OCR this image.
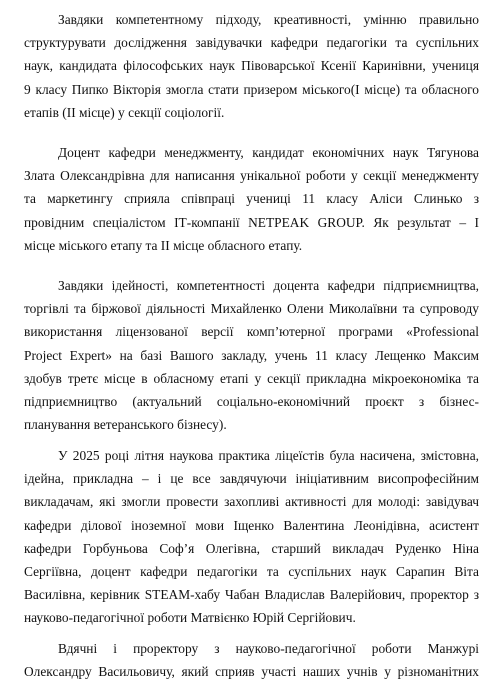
Завдяки компетентному підходу, креативності, умінню правильно
структурувати дослідження завідувачки кафедри педагогіки та суспільних
наук, кандидата філософських наук Півоварської Ксенії Каринівни, учениця
9 класу Пипко Вікторія змогла стати призером міського(І місце) та обласного
етапів (ІІ місце) у секції соціології.
Доцент кафедри менеджменту, кандидат економічних наук Тягунова
Злата Олександрівна для написання унікальної роботи у секції менеджменту
та маркетингу сприяла співпраці учениці 11 класу Аліси Слинько з
провідним спеціалістом ІТ-компанії NETPEAK GROUP. Як результат – І
місце міського етапу та ІІ місце обласного етапу.
Завдяки ідейності, компетентності доцента кафедри підприємництва,
торгівлі та біржової діяльності Михайленко Олени Миколаївни та супроводу
використання ліцензованої версії комп’ютерної програми «Professional
Project Expert» на базі Вашого закладу, учень 11 класу Лещенко Максим
здобув третє місце в обласному етапі у секції прикладна мікроекономіка та
підприємництво (актуальний соціально-економічний проєкт з бізнес-
планування ветеранського бізнесу).
У 2025 році літня наукова практика ліцеїстів була насичена, змістовна,
ідейна, прикладна – і це все завдячуючи ініціативним висопрофесійним
викладачам, які змогли провести захопливі активності для молоді: завідувач
кафедри ділової іноземної мови Іщенко Валентина Леонідівна, асистент
кафедри Горбуньова Соф’я Олегівна, старший викладач Руденко Ніна
Сергіївна, доцент кафедри педагогіки та суспільних наук Сарапин Віта
Василівна, керівник STEAM-хабу Чабан Владислав Валерійович, проректор з
науково-педагогічної роботи Матвієнко Юрій Сергійович.
Вдячні і проректору з науково-педагогічної роботи Манжурі
Олександру Васильовичу, який сприяв участі наших учнів у різноманітних
